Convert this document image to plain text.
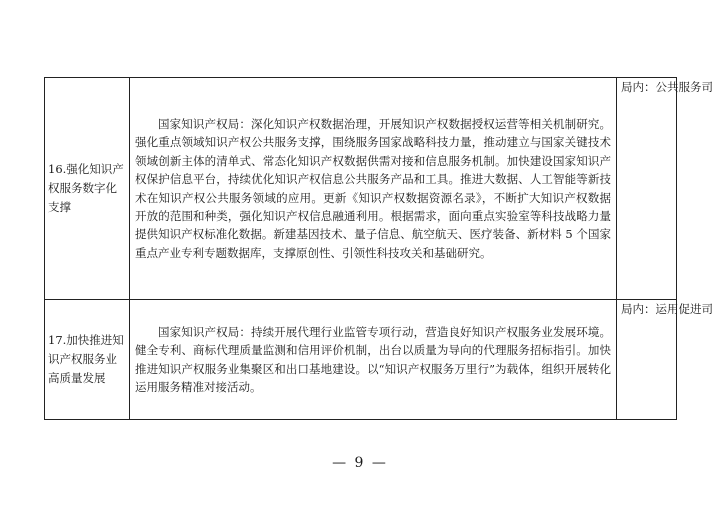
16.强化知识产权服务数字化支撑	国家知识产权局：深化知识产权数据治理，开展知识产权数据授权运营等相关机制研究。强化重点领域知识产权公共服务支撑，围绕服务国家战略科技力量，推动建立与国家关键技术领域创新主体的清单式、常态化知识产权数据供需对接和信息服务机制。加快建设国家知识产权保护信息平台，持续优化知识产权信息公共服务产品和工具。推进大数据、人工智能等新技术在知识产权公共服务领域的应用。更新《知识产权数据资源名录》，不断扩大知识产权数据开放的范围和种类，强化知识产权信息融通利用。根据需求，面向重点实验室等科技战略力量提供知识产权标准化数据。新建基因技术、量子信息、航空航天、医疗装备、新材料 5 个国家重点产业专利专题数据库，支撑原创性、引领性科技攻关和基础研究。	局内：公共服务司

17.加快推进知识产权服务业高质量发展	国家知识产权局：持续开展代理行业监管专项行动，营造良好知识产权服务业发展环境。健全专利、商标代理质量监测和信用评价机制，出台以质量为导向的代理服务招标指引。加快推进知识产权服务业集聚区和出口基地建设。以“知识产权服务万里行”为载体，组织开展转化运用服务精准对接活动。	局内：运用促进司
— 9 —
